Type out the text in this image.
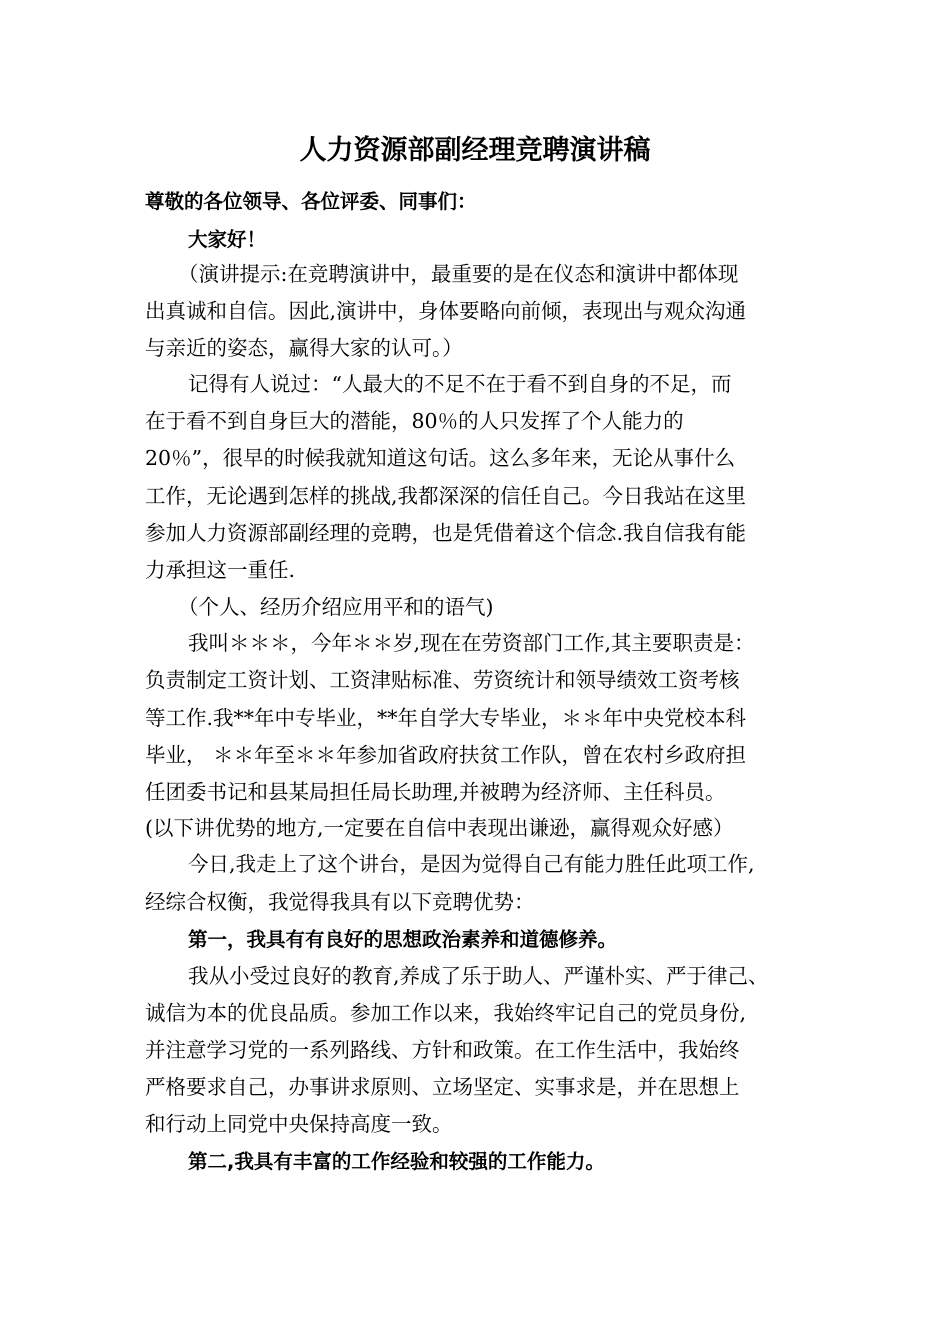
人力资源部副经理竞聘演讲稿
尊敬的各位领导、各位评委、同事们：
大家好！
（演讲提示:在竞聘演讲中，最重要的是在仪态和演讲中都体现
出真诚和自信。因此,演讲中，身体要略向前倾，表现出与观众沟通
与亲近的姿态，赢得大家的认可。）
记得有人说过：“人最大的不足不在于看不到自身的不足，而
在于看不到自身巨大的潜能，80％的人只发挥了个人能力的
20％”，很早的时候我就知道这句话。这么多年来，无论从事什么
工作，无论遇到怎样的挑战,我都深深的信任自己。今日我站在这里
参加人力资源部副经理的竞聘，也是凭借着这个信念.我自信我有能
力承担这一重任.
（个人、经历介绍应用平和的语气)
我叫＊＊＊，今年＊＊岁,现在在劳资部门工作,其主要职责是：
负责制定工资计划、工资津贴标准、劳资统计和领导绩效工资考核
等工作.我**年中专毕业，**年自学大专毕业，＊＊年中央党校本科
毕业， ＊＊年至＊＊年参加省政府扶贫工作队，曾在农村乡政府担
任团委书记和县某局担任局长助理,并被聘为经济师、主任科员。
(以下讲优势的地方,一定要在自信中表现出谦逊，赢得观众好感）
今日,我走上了这个讲台，是因为觉得自己有能力胜任此项工作,
经综合权衡，我觉得我具有以下竞聘优势：
第一，我具有有良好的思想政治素养和道德修养。
我从小受过良好的教育,养成了乐于助人、严谨朴实、严于律己、
诚信为本的优良品质。参加工作以来，我始终牢记自己的党员身份,
并注意学习党的一系列路线、方针和政策。在工作生活中，我始终
严格要求自己，办事讲求原则、立场坚定、实事求是，并在思想上
和行动上同党中央保持高度一致。
第二,我具有丰富的工作经验和较强的工作能力。
